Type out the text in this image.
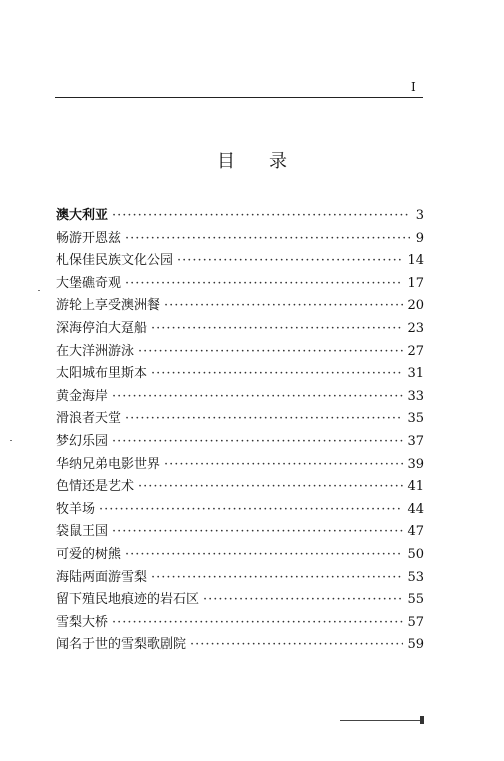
I
目 录
澳大利亚 ·····	3
畅游开恩兹 ·····	9
札保佳民族文化公园 ·····	14
大堡礁奇观 ·····	17
游轮上享受澳洲餐 ·····	20
深海停泊大趸船 ·····	23
在大洋洲游泳 ·····	27
太阳城布里斯本 ·····	31
黄金海岸 ·····	33
滑浪者天堂 ·····	35
梦幻乐园 ·····	37
华纳兄弟电影世界 ·····	39
色情还是艺术 ·····	41
牧羊场 ·····	44
袋鼠王国 ·····	47
可爱的树熊 ·····	50
海陆两面游雪梨 ·····	53
留下殖民地痕迹的岩石区 ·····	55
雪梨大桥 ·····	57
闻名于世的雪梨歌剧院 ·····	59
